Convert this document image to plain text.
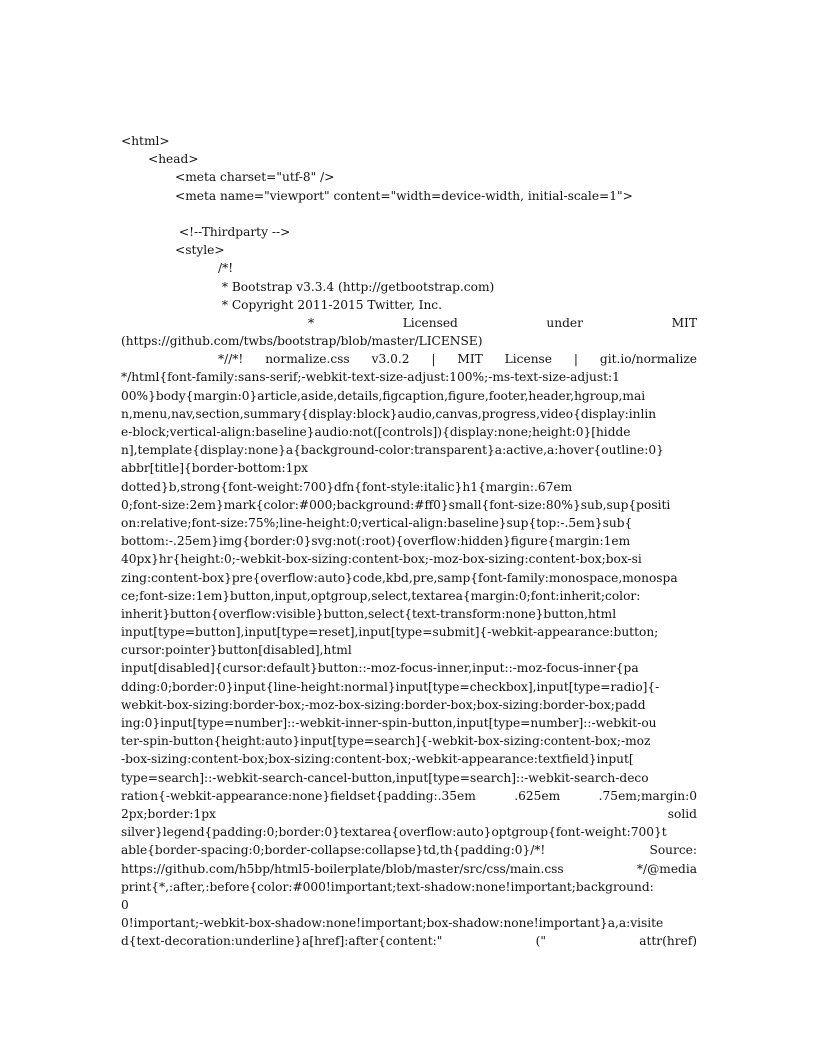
<html>
<head>
<meta charset="utf-8" />
<meta name="viewport" content="width=device-width, initial-scale=1">
<!--Thirdparty -->
<style>
/*!
* Bootstrap v3.3.4 (http://getbootstrap.com)
* Copyright 2011-2015 Twitter, Inc.
* Licensed under MIT
(https://github.com/twbs/bootstrap/blob/master/LICENSE)
*//*! normalize.css v3.0.2 | MIT License | git.io/normalize
*/html{font-family:sans-serif;-webkit-text-size-adjust:100%;-ms-text-size-adjust:1
00%}body{margin:0}article,aside,details,figcaption,figure,footer,header,hgroup,mai
n,menu,nav,section,summary{display:block}audio,canvas,progress,video{display:inlin
e-block;vertical-align:baseline}audio:not([controls]){display:none;height:0}[hidde
n],template{display:none}a{background-color:transparent}a:active,a:hover{outline:0}
abbr[title]{border-bottom:1px
dotted}b,strong{font-weight:700}dfn{font-style:italic}h1{margin:.67em
0;font-size:2em}mark{color:#000;background:#ff0}small{font-size:80%}sub,sup{positi
on:relative;font-size:75%;line-height:0;vertical-align:baseline}sup{top:-.5em}sub{
bottom:-.25em}img{border:0}svg:not(:root){overflow:hidden}figure{margin:1em
40px}hr{height:0;-webkit-box-sizing:content-box;-moz-box-sizing:content-box;box-si
zing:content-box}pre{overflow:auto}code,kbd,pre,samp{font-family:monospace,monospa
ce;font-size:1em}button,input,optgroup,select,textarea{margin:0;font:inherit;color:
inherit}button{overflow:visible}button,select{text-transform:none}button,html
input[type=button],input[type=reset],input[type=submit]{-webkit-appearance:button;
cursor:pointer}button[disabled],html
input[disabled]{cursor:default}button::-moz-focus-inner,input::-moz-focus-inner{pa
dding:0;border:0}input{line-height:normal}input[type=checkbox],input[type=radio]{-
webkit-box-sizing:border-box;-moz-box-sizing:border-box;box-sizing:border-box;padd
ing:0}input[type=number]::-webkit-inner-spin-button,input[type=number]::-webkit-ou
ter-spin-button{height:auto}input[type=search]{-webkit-box-sizing:content-box;-moz
-box-sizing:content-box;box-sizing:content-box;-webkit-appearance:textfield}input[
type=search]::-webkit-search-cancel-button,input[type=search]::-webkit-search-deco
ration{-webkit-appearance:none}fieldset{padding:.35em .625em .75em;margin:0
2px;border:1px solid
silver}legend{padding:0;border:0}textarea{overflow:auto}optgroup{font-weight:700}t
able{border-spacing:0;border-collapse:collapse}td,th{padding:0}/*! Source:
https://github.com/h5bp/html5-boilerplate/blob/master/src/css/main.css */@media
print{*,:after,:before{color:#000!important;text-shadow:none!important;background:
0
0!important;-webkit-box-shadow:none!important;box-shadow:none!important}a,a:visite
d{text-decoration:underline}a[href]:after{content:" (" attr(href)
